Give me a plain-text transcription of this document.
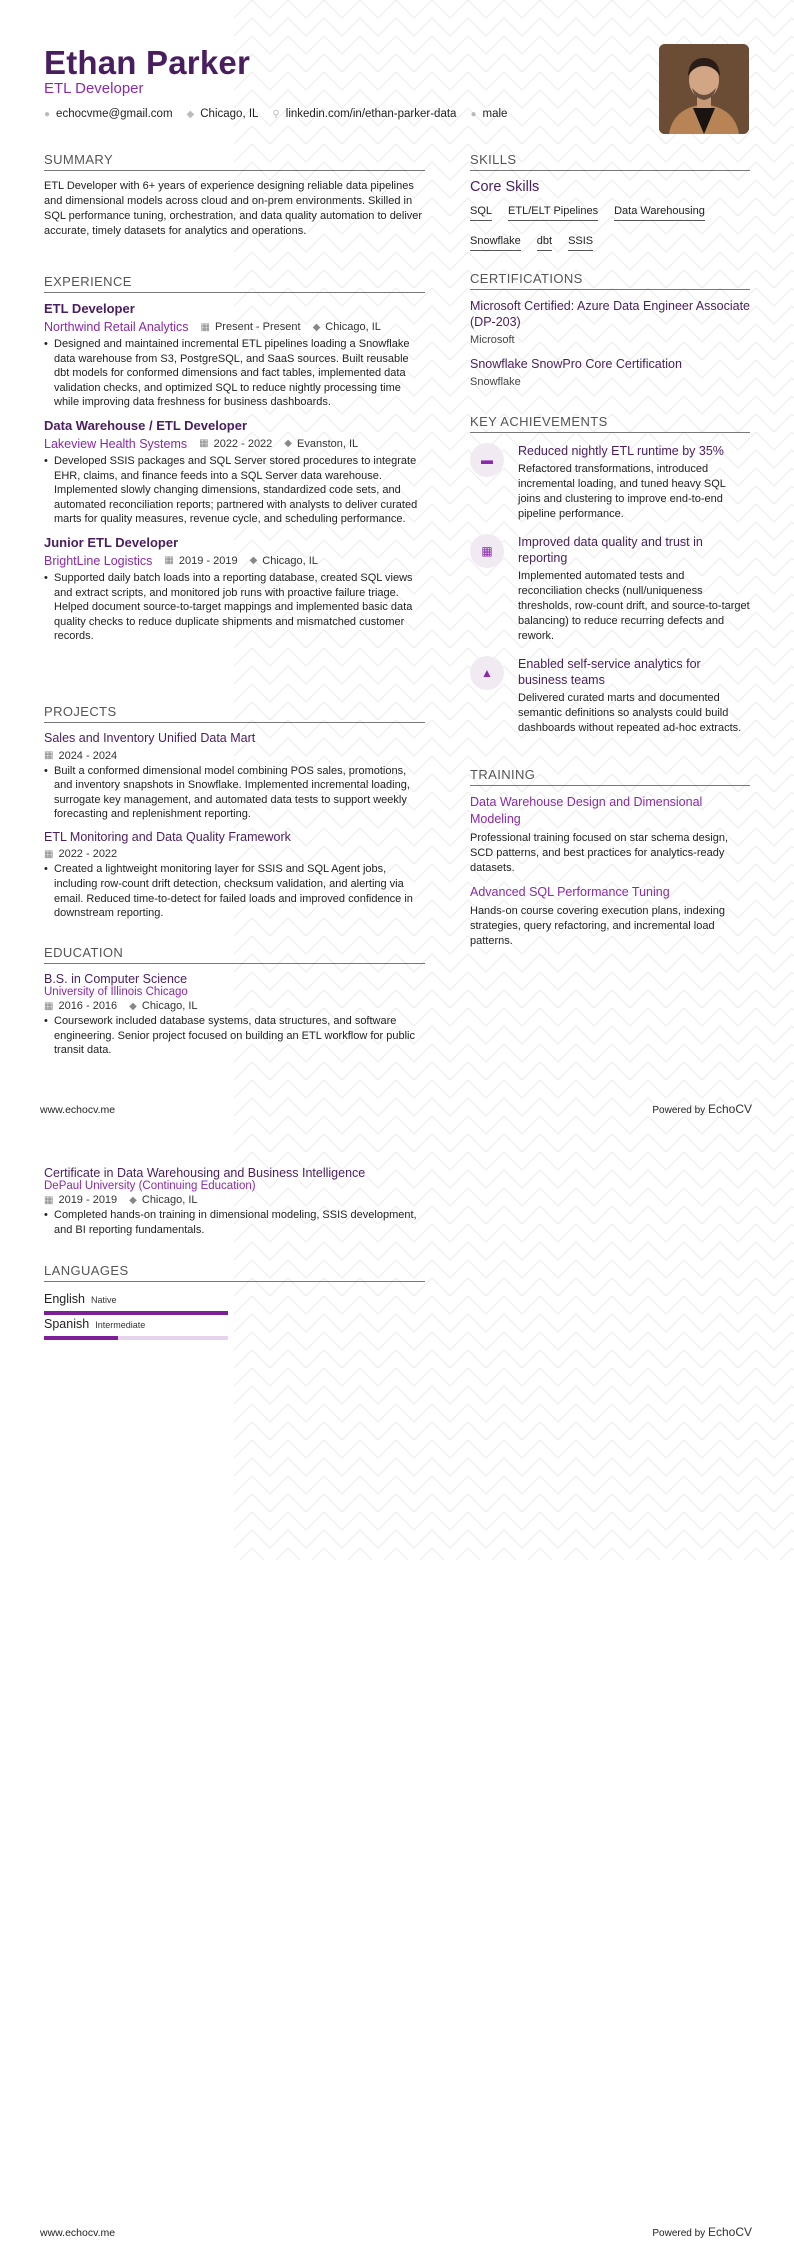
Ethan Parker
ETL Developer
● echocvme@gmail.com ◆ Chicago, IL ⚲ linkedin.com/in/ethan-parker-data ● male
SUMMARY
ETL Developer with 6+ years of experience designing reliable data pipelines and dimensional models across cloud and on-prem environments. Skilled in SQL performance tuning, orchestration, and data quality automation to deliver accurate, timely datasets for analytics and operations.
EXPERIENCE
ETL Developer
Northwind Retail Analytics ▦ Present - Present ◆ Chicago, IL
• Designed and maintained incremental ETL pipelines loading a Snowflake data warehouse from S3, PostgreSQL, and SaaS sources. Built reusable dbt models for conformed dimensions and fact tables, implemented data validation checks, and optimized SQL to reduce nightly processing time while improving data freshness for business dashboards.
Data Warehouse / ETL Developer
Lakeview Health Systems ▦ 2022 - 2022 ◆ Evanston, IL
• Developed SSIS packages and SQL Server stored procedures to integrate EHR, claims, and finance feeds into a SQL Server data warehouse. Implemented slowly changing dimensions, standardized code sets, and automated reconciliation reports; partnered with analysts to deliver curated marts for quality measures, revenue cycle, and scheduling performance.
Junior ETL Developer
BrightLine Logistics ▦ 2019 - 2019 ◆ Chicago, IL
• Supported daily batch loads into a reporting database, created SQL views and extract scripts, and monitored job runs with proactive failure triage. Helped document source-to-target mappings and implemented basic data quality checks to reduce duplicate shipments and mismatched customer records.
PROJECTS
Sales and Inventory Unified Data Mart
▦ 2024 - 2024
• Built a conformed dimensional model combining POS sales, promotions, and inventory snapshots in Snowflake. Implemented incremental loading, surrogate key management, and automated data tests to support weekly forecasting and replenishment reporting.
ETL Monitoring and Data Quality Framework
▦ 2022 - 2022
• Created a lightweight monitoring layer for SSIS and SQL Agent jobs, including row-count drift detection, checksum validation, and alerting via email. Reduced time-to-detect for failed loads and improved confidence in downstream reporting.
EDUCATION
B.S. in Computer Science
University of Illinois Chicago
▦ 2016 - 2016 ◆ Chicago, IL
• Coursework included database systems, data structures, and software engineering. Senior project focused on building an ETL workflow for public transit data.
SKILLS
Core Skills
SQL ETL/ELT Pipelines Data Warehousing
Snowflake dbt SSIS
CERTIFICATIONS
Microsoft Certified: Azure Data Engineer Associate (DP-203)
Microsoft
Snowflake SnowPro Core Certification
Snowflake
KEY ACHIEVEMENTS
▬
Reduced nightly ETL runtime by 35%
Refactored transformations, introduced incremental loading, and tuned heavy SQL joins and clustering to improve end-to-end pipeline performance.
▦
Improved data quality and trust in reporting
Implemented automated tests and reconciliation checks (null/uniqueness thresholds, row-count drift, and source-to-target balancing) to reduce recurring defects and rework.
▲
Enabled self-service analytics for business teams
Delivered curated marts and documented semantic definitions so analysts could build dashboards without repeated ad-hoc extracts.
TRAINING
Data Warehouse Design and Dimensional Modeling
Professional training focused on star schema design, SCD patterns, and best practices for analytics-ready datasets.
Advanced SQL Performance Tuning
Hands-on course covering execution plans, indexing strategies, query refactoring, and incremental load patterns.
www.echocv.me	Powered by EchoCV
Certificate in Data Warehousing and Business Intelligence
DePaul University (Continuing Education)
▦ 2019 - 2019 ◆ Chicago, IL
• Completed hands-on training in dimensional modeling, SSIS development, and BI reporting fundamentals.
LANGUAGES
English Native
Spanish Intermediate
www.echocv.me	Powered by EchoCV
